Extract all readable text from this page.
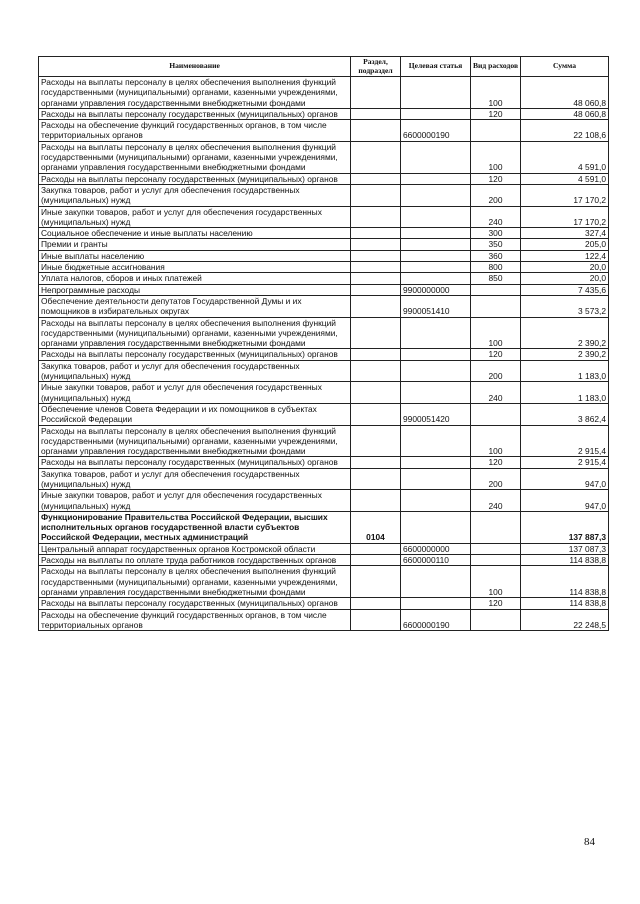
Наименование	Раздел, подраздел	Целевая статья	Вид расходов	Сумма
Расходы на выплаты персоналу в целях обеспечения выполнения функций государственными (муниципальными) органами, казенными учреждениями, органами управления государственными внебюджетными фондами			100	48 060,8
Расходы на выплаты персоналу государственных (муниципальных) органов			120	48 060,8
Расходы на обеспечение функций государственных органов, в том числе территориальных органов		6600000190		22 108,6
Расходы на выплаты персоналу в целях обеспечения выполнения функций государственными (муниципальными) органами, казенными учреждениями, органами управления государственными внебюджетными фондами			100	4 591,0
Расходы на выплаты персоналу государственных (муниципальных) органов			120	4 591,0
Закупка товаров, работ и услуг для обеспечения государственных (муниципальных) нужд			200	17 170,2
Иные закупки товаров, работ и услуг для обеспечения государственных (муниципальных) нужд			240	17 170,2
Социальное обеспечение и иные выплаты населению			300	327,4
Премии и гранты			350	205,0
Иные выплаты населению			360	122,4
Иные бюджетные ассигнования			800	20,0
Уплата налогов, сборов и иных платежей			850	20,0
Непрограммные расходы		9900000000		7 435,6
Обеспечение деятельности депутатов Государственной Думы и их помощников в избирательных округах		9900051410		3 573,2
Расходы на выплаты персоналу в целях обеспечения выполнения функций государственными (муниципальными) органами, казенными учреждениями, органами управления государственными внебюджетными фондами			100	2 390,2
Расходы на выплаты персоналу государственных (муниципальных) органов			120	2 390,2
Закупка товаров, работ и услуг для обеспечения государственных (муниципальных) нужд			200	1 183,0
Иные закупки товаров, работ и услуг для обеспечения государственных (муниципальных) нужд			240	1 183,0
Обеспечение членов Совета Федерации и их помощников в субъектах Российской Федерации		9900051420		3 862,4
Расходы на выплаты персоналу в целях обеспечения выполнения функций государственными (муниципальными) органами, казенными учреждениями, органами управления государственными внебюджетными фондами			100	2 915,4
Расходы на выплаты персоналу государственных (муниципальных) органов			120	2 915,4
Закупка товаров, работ и услуг для обеспечения государственных (муниципальных) нужд			200	947,0
Иные закупки товаров, работ и услуг для обеспечения государственных (муниципальных) нужд			240	947,0
Функционирование Правительства Российской Федерации, высших исполнительных органов государственной власти субъектов Российской Федерации, местных администраций	0104			137 887,3
Центральный аппарат государственных органов Костромской области		6600000000		137 087,3
Расходы на выплаты по оплате труда работников государственных органов		6600000110		114 838,8
Расходы на выплаты персоналу в целях обеспечения выполнения функций государственными (муниципальными) органами, казенными учреждениями, органами управления государственными внебюджетными фондами			100	114 838,8
Расходы на выплаты персоналу государственных (муниципальных) органов			120	114 838,8
Расходы на обеспечение функций государственных органов, в том числе территориальных органов		6600000190		22 248,5
84
